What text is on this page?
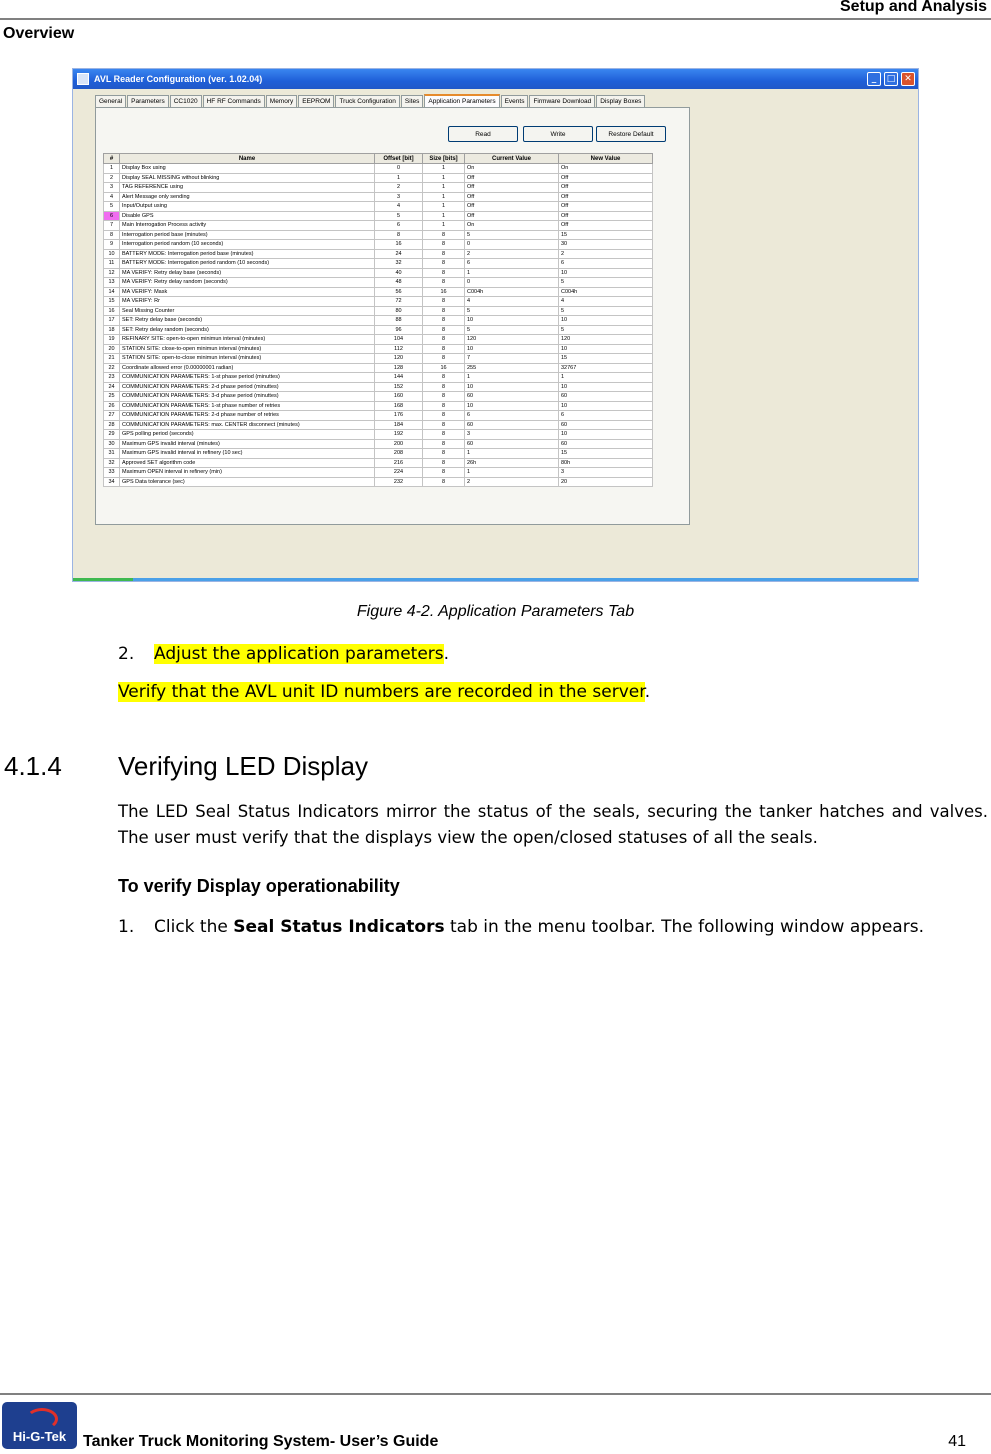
Setup and Analysis
Overview
AVL Reader Configuration (ver. 1.02.04)	_	□ ✕
General	Parameters	CC1020	HF RF Commands	Memory	EEPROM	Truck Configuration	Sites	Application Parameters	Events	Firmware Download	Display Boxes
Read	Write	Restore Default
#	Name	Offset [bit]	Size [bits]	Current Value	New Value
1	Display Box using	0	1	On	On
2	Display SEAL MISSING without blinking	1	1	Off	Off
3	TAG REFERENCE using	2	1	Off	Off
4	Alert Message only sending	3	1	Off	Off
5	Input/Output using	4	1	Off	Off
6	Disable GPS	5	1	Off	Off
7	Main Interrogation Process activity	6	1	On	Off
8	Interrogation period base (minutes)	8	8	5	15
9	Interrogation period random (10 seconds)	16	8	0	30
10	BATTERY MODE: Interrogation period base (minutes)	24	8	2	2
11	BATTERY MODE: Interrogation period random (10 seconds)	32	8	6	6
12	MA VERIFY: Retry delay base (seconds)	40	8	1	10
13	MA VERIFY: Retry delay random (seconds)	48	8	0	5
14	MA VERIFY: Mask	56	16	C004h	C004h
15	MA VERIFY: Rr	72	8	4	4
16	Seal Missing Counter	80	8	5	5
17	SET: Retry delay base (seconds)	88	8	10	10
18	SET: Retry delay random (seconds)	96	8	5	5
19	REFINARY SITE: open-to-open minimun interval (minutes)	104	8	120	120
20	STATION SITE: close-to-open minimun interval (minutes)	112	8	10	10
21	STATION SITE: open-to-close minimun interval (minutes)	120	8	7	15
22	Coordinate allowed error (0.00000001 radian)	128	16	255	32767
23	COMMUNICATION PARAMETERS: 1-st phase period (minuttes)	144	8	1	1
24	COMMUNICATION PARAMETERS: 2-d phase period (minuttes)	152	8	10	10
25	COMMUNICATION PARAMETERS: 3-d phase period (minuttes)	160	8	60	60
26	COMMUNICATION PARAMETERS: 1-st phase number of retries	168	8	10	10
27	COMMUNICATION PARAMETERS: 2-d phase number of retries	176	8	6	6
28	COMMUNICATION PARAMETERS: max. CENTER disconnect (minutes)	184	8	60	60
29	GPS polling period (seconds)	192	8	3	10
30	Maximum GPS invalid interval (minutes)	200	8	60	60
31	Maximum GPS invalid interval in refinery (10 sec)	208	8	1	15
32	Approved SET algorithm code	216	8	26h	80h
33	Maximum OPEN interval in refinery (min)	224	8	1	3
34	GPS Data tolerance (sec)	232	8	2	20
Figure 4-2. Application Parameters Tab
2. Adjust the application parameters.
Verify that the AVL unit ID numbers are recorded in the server.
4.1.4 Verifying LED Display
The LED Seal Status Indicators mirror the status of the seals, securing the tanker hatches and valves. The user must verify that the displays view the open/closed statuses of all the seals.
To verify Display operationability
1. Click the Seal Status Indicators tab in the menu toolbar. The following window appears.
Hi-G-Tek	Tanker Truck Monitoring System- User’s Guide	41
